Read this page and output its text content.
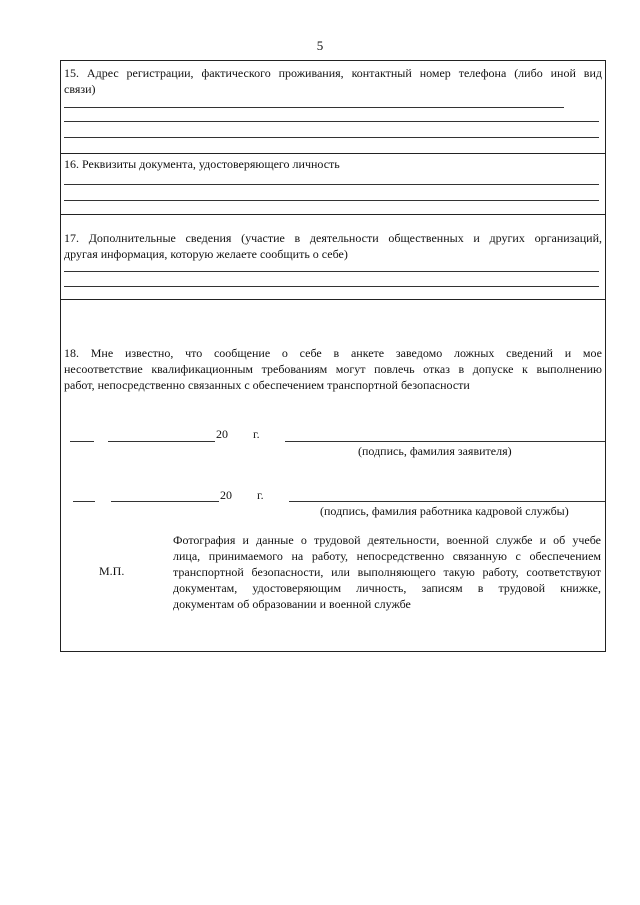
5
15. Адрес регистрации, фактического проживания, контактный номер телефона (либо иной вид
связи)
16. Реквизиты документа, удостоверяющего личность
17. Дополнительные сведения (участие в деятельности общественных и других организаций,
другая информация, которую желаете сообщить о себе)
18. Мне известно, что сообщение о себе в анкете заведомо ложных сведений и мое
несоответствие квалификационным требованиям могут повлечь отказ в допуске к выполнению
работ, непосредственно связанных с обеспечением транспортной безопасности
20 г.
(подпись, фамилия заявителя)
20 г.
(подпись, фамилия работника кадровой службы)
М.П.
Фотография и данные о трудовой деятельности, военной службе и об учебе
лица, принимаемого на работу, непосредственно связанную с обеспечением
транспортной безопасности, или выполняющего такую работу, соответствуют
документам, удостоверяющим личность, записям в трудовой книжке,
документам об образовании и военной службе
